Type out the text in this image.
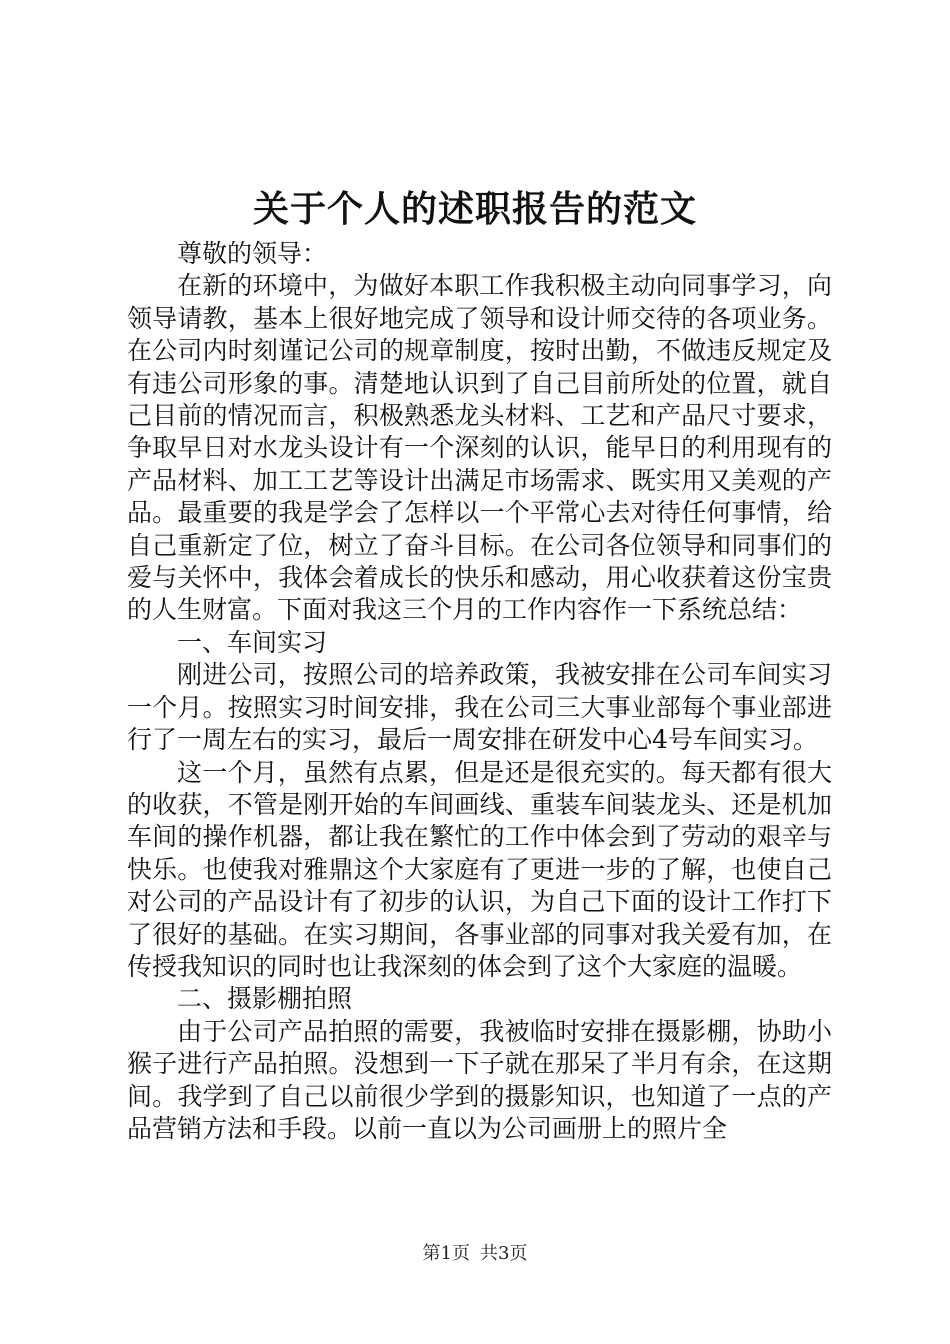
关于个人的述职报告的范文

尊敬的领导：

在新的环境中，为做好本职工作我积极主动向同事学习，向领导请教，基本上很好地完成了领导和设计师交待的各项业务。在公司内时刻谨记公司的规章制度，按时出勤，不做违反规定及有违公司形象的事。清楚地认识到了自己目前所处的位置，就自己目前的情况而言，积极熟悉龙头材料、工艺和产品尺寸要求，争取早日对水龙头设计有一个深刻的认识，能早日的利用现有的产品材料、加工工艺等设计出满足市场需求、既实用又美观的产品。最重要的我是学会了怎样以一个平常心去对待任何事情，给自己重新定了位，树立了奋斗目标。在公司各位领导和同事们的爱与关怀中，我体会着成长的快乐和感动，用心收获着这份宝贵的人生财富。下面对我这三个月的工作内容作一下系统总结：

一、车间实习

刚进公司，按照公司的培养政策，我被安排在公司车间实习一个月。按照实习时间安排，我在公司三大事业部每个事业部进行了一周左右的实习，最后一周安排在研发中心4号车间实习。

这一个月，虽然有点累，但是还是很充实的。每天都有很大的收获，不管是刚开始的车间画线、重装车间装龙头、还是机加车间的操作机器，都让我在繁忙的工作中体会到了劳动的艰辛与快乐。也使我对雅鼎这个大家庭有了更进一步的了解，也使自己对公司的产品设计有了初步的认识，为自己下面的设计工作打下了很好的基础。在实习期间，各事业部的同事对我关爱有加，在传授我知识的同时也让我深刻的体会到了这个大家庭的温暖。

二、摄影棚拍照

由于公司产品拍照的需要，我被临时安排在摄影棚，协助小猴子进行产品拍照。没想到一下子就在那呆了半月有余，在这期间。我学到了自己以前很少学到的摄影知识，也知道了一点的产品营销方法和手段。以前一直以为公司画册上的照片全

第1页 共3页
